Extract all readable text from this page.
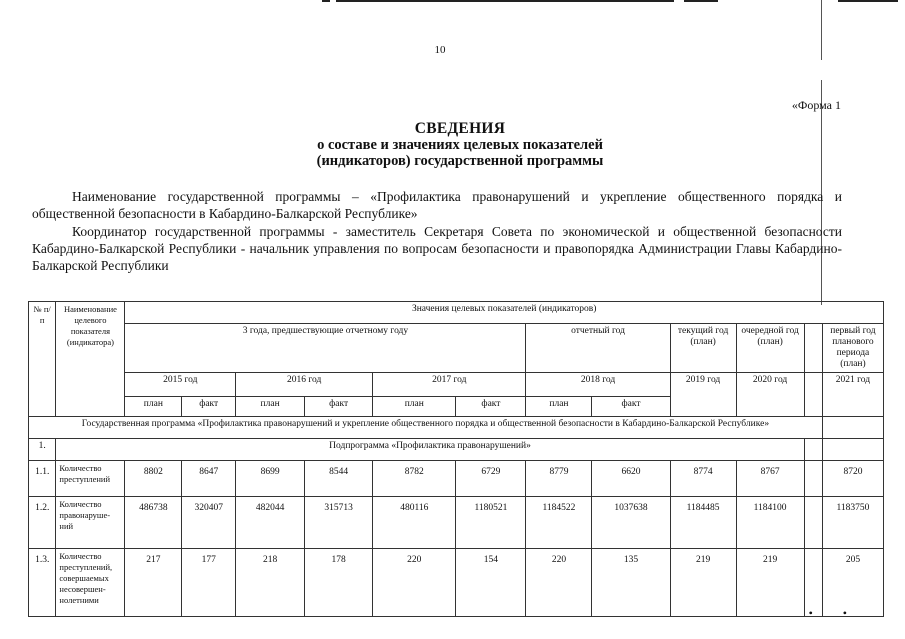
10
«Форма 1
СВЕДЕНИЯ
о составе и значениях целевых показателей
(индикаторов) государственной программы
Наименование государственной программы – «Профилактика правонарушений и укрепление общественного порядка и общественной безопасности в Кабардино-Балкарской Республике»
Координатор государственной программы - заместитель Секретаря Совета по экономической и общественной безопасности Кабардино-Балкарской Республики - начальник управления по вопросам безопасности и правопорядка Администрации Главы Кабардино-Балкарской Республики
№ п/п	Наименование целевого показателя (индикатора)	Значения целевых показателей (индикаторов)											
		3 года, предшествующие отчетному году						отчетный год		текущий год (план)	очередной год (план)		первый год планового периода (план)
		2015 год		2016 год		2017 год		2018 год		2019 год	2020 год		2021 год
		план	факт	план	факт	план	факт	план	факт				
Государственная программа «Профилактика правонарушений и укрепление общественного порядка и общественной безопасности в Кабардино-Балкарской Республике»													
1.	Подпрограмма «Профилактика правонарушений»												
1.1.	Количество преступлений	8802	8647	8699	8544	8782	6729	8779	6620	8774	8767		8720
1.2.	Количество правонаруше-ний	486738	320407	482044	315713	480116	1180521	1184522	1037638	1184485	1184100		1183750
1.3.	Количество преступлений, совершаемых несовершен-нолетними	217	177	218	178	220	154	220	135	219	219		205
••
